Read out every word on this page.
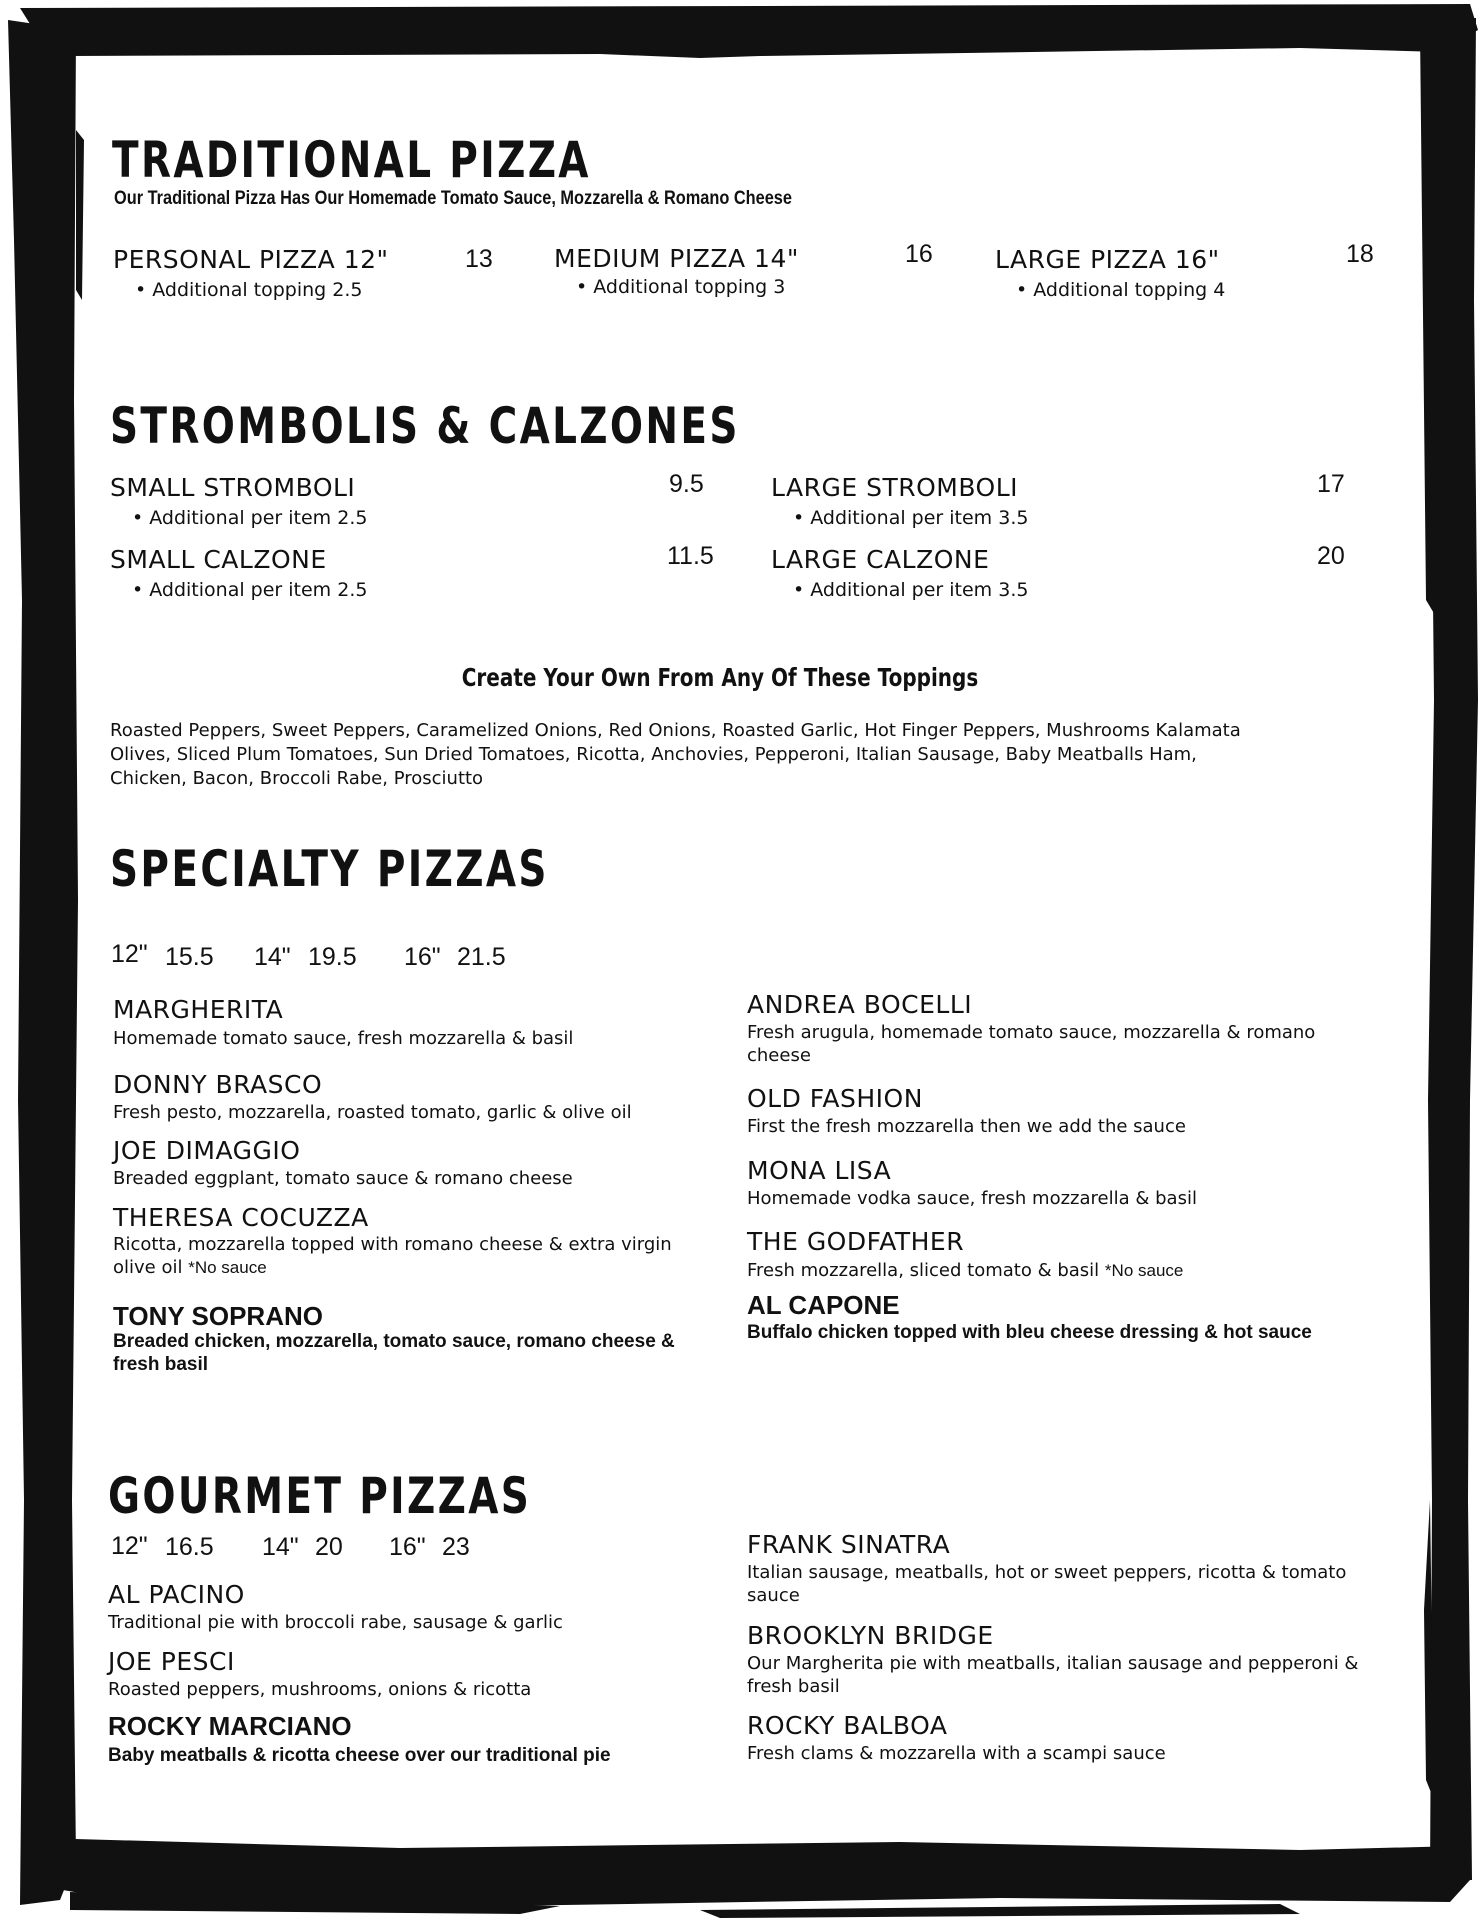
TRADITIONAL PIZZA
Our Traditional Pizza Has Our Homemade Tomato Sauce, Mozzarella & Romano Cheese
PERSONAL PIZZA 12"	13
• Additional topping 2.5
MEDIUM PIZZA 14"	16
• Additional topping 3
LARGE PIZZA 16"	18
• Additional topping 4
STROMBOLIS & CALZONES
SMALL STROMBOLI	9.5
• Additional per item 2.5
LARGE STROMBOLI	17
• Additional per item 3.5
SMALL CALZONE	11.5
• Additional per item 2.5
LARGE CALZONE	20
• Additional per item 3.5
Create Your Own From Any Of These Toppings
Roasted Peppers, Sweet Peppers, Caramelized Onions, Red Onions, Roasted Garlic, Hot Finger Peppers, Mushrooms Kalamata Olives, Sliced Plum Tomatoes, Sun Dried Tomatoes, Ricotta, Anchovies, Pepperoni, Italian Sausage, Baby Meatballs Ham, Chicken, Bacon, Broccoli Rabe, Prosciutto
SPECIALTY PIZZAS
12" 15.5 14" 19.5 16" 21.5
MARGHERITA
Homemade tomato sauce, fresh mozzarella & basil
DONNY BRASCO
Fresh pesto, mozzarella, roasted tomato, garlic & olive oil
JOE DIMAGGIO
Breaded eggplant, tomato sauce & romano cheese
THERESA COCUZZA
Ricotta, mozzarella topped with romano cheese & extra virgin olive oil *No sauce
TONY SOPRANO
Breaded chicken, mozzarella, tomato sauce, romano cheese & fresh basil
ANDREA BOCELLI
Fresh arugula, homemade tomato sauce, mozzarella & romano cheese
OLD FASHION
First the fresh mozzarella then we add the sauce
MONA LISA
Homemade vodka sauce, fresh mozzarella & basil
THE GODFATHER
Fresh mozzarella, sliced tomato & basil *No sauce
AL CAPONE
Buffalo chicken topped with bleu cheese dressing & hot sauce
GOURMET PIZZAS
12" 16.5 14" 20 16" 23
AL PACINO
Traditional pie with broccoli rabe, sausage & garlic
JOE PESCI
Roasted peppers, mushrooms, onions & ricotta
ROCKY MARCIANO
Baby meatballs & ricotta cheese over our traditional pie
FRANK SINATRA
Italian sausage, meatballs, hot or sweet peppers, ricotta & tomato sauce
BROOKLYN BRIDGE
Our Margherita pie with meatballs, italian sausage and pepperoni & fresh basil
ROCKY BALBOA
Fresh clams & mozzarella with a scampi sauce
